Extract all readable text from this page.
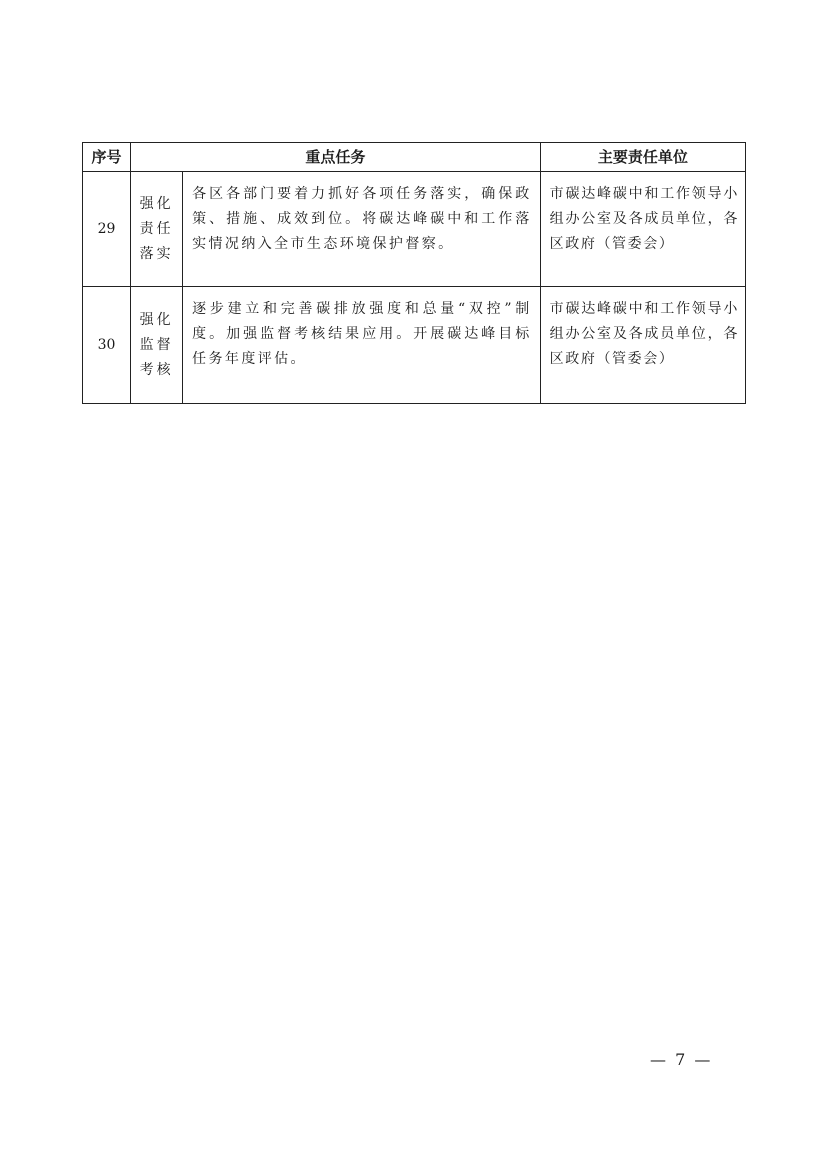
序号	重点任务		主要责任单位
29	强化
责任
落实	各区各部门要着力抓好各项任务落实，确保政策、措施、成效到位。将碳达峰碳中和工作落实情况纳入全市生态环境保护督察。	市碳达峰碳中和工作领导小组办公室及各成员单位，各区政府（管委会）
30	强化
监督
考核	逐步建立和完善碳排放强度和总量“双控”制度。加强监督考核结果应用。开展碳达峰目标任务年度评估。	市碳达峰碳中和工作领导小组办公室及各成员单位，各区政府（管委会）
— 7 —
